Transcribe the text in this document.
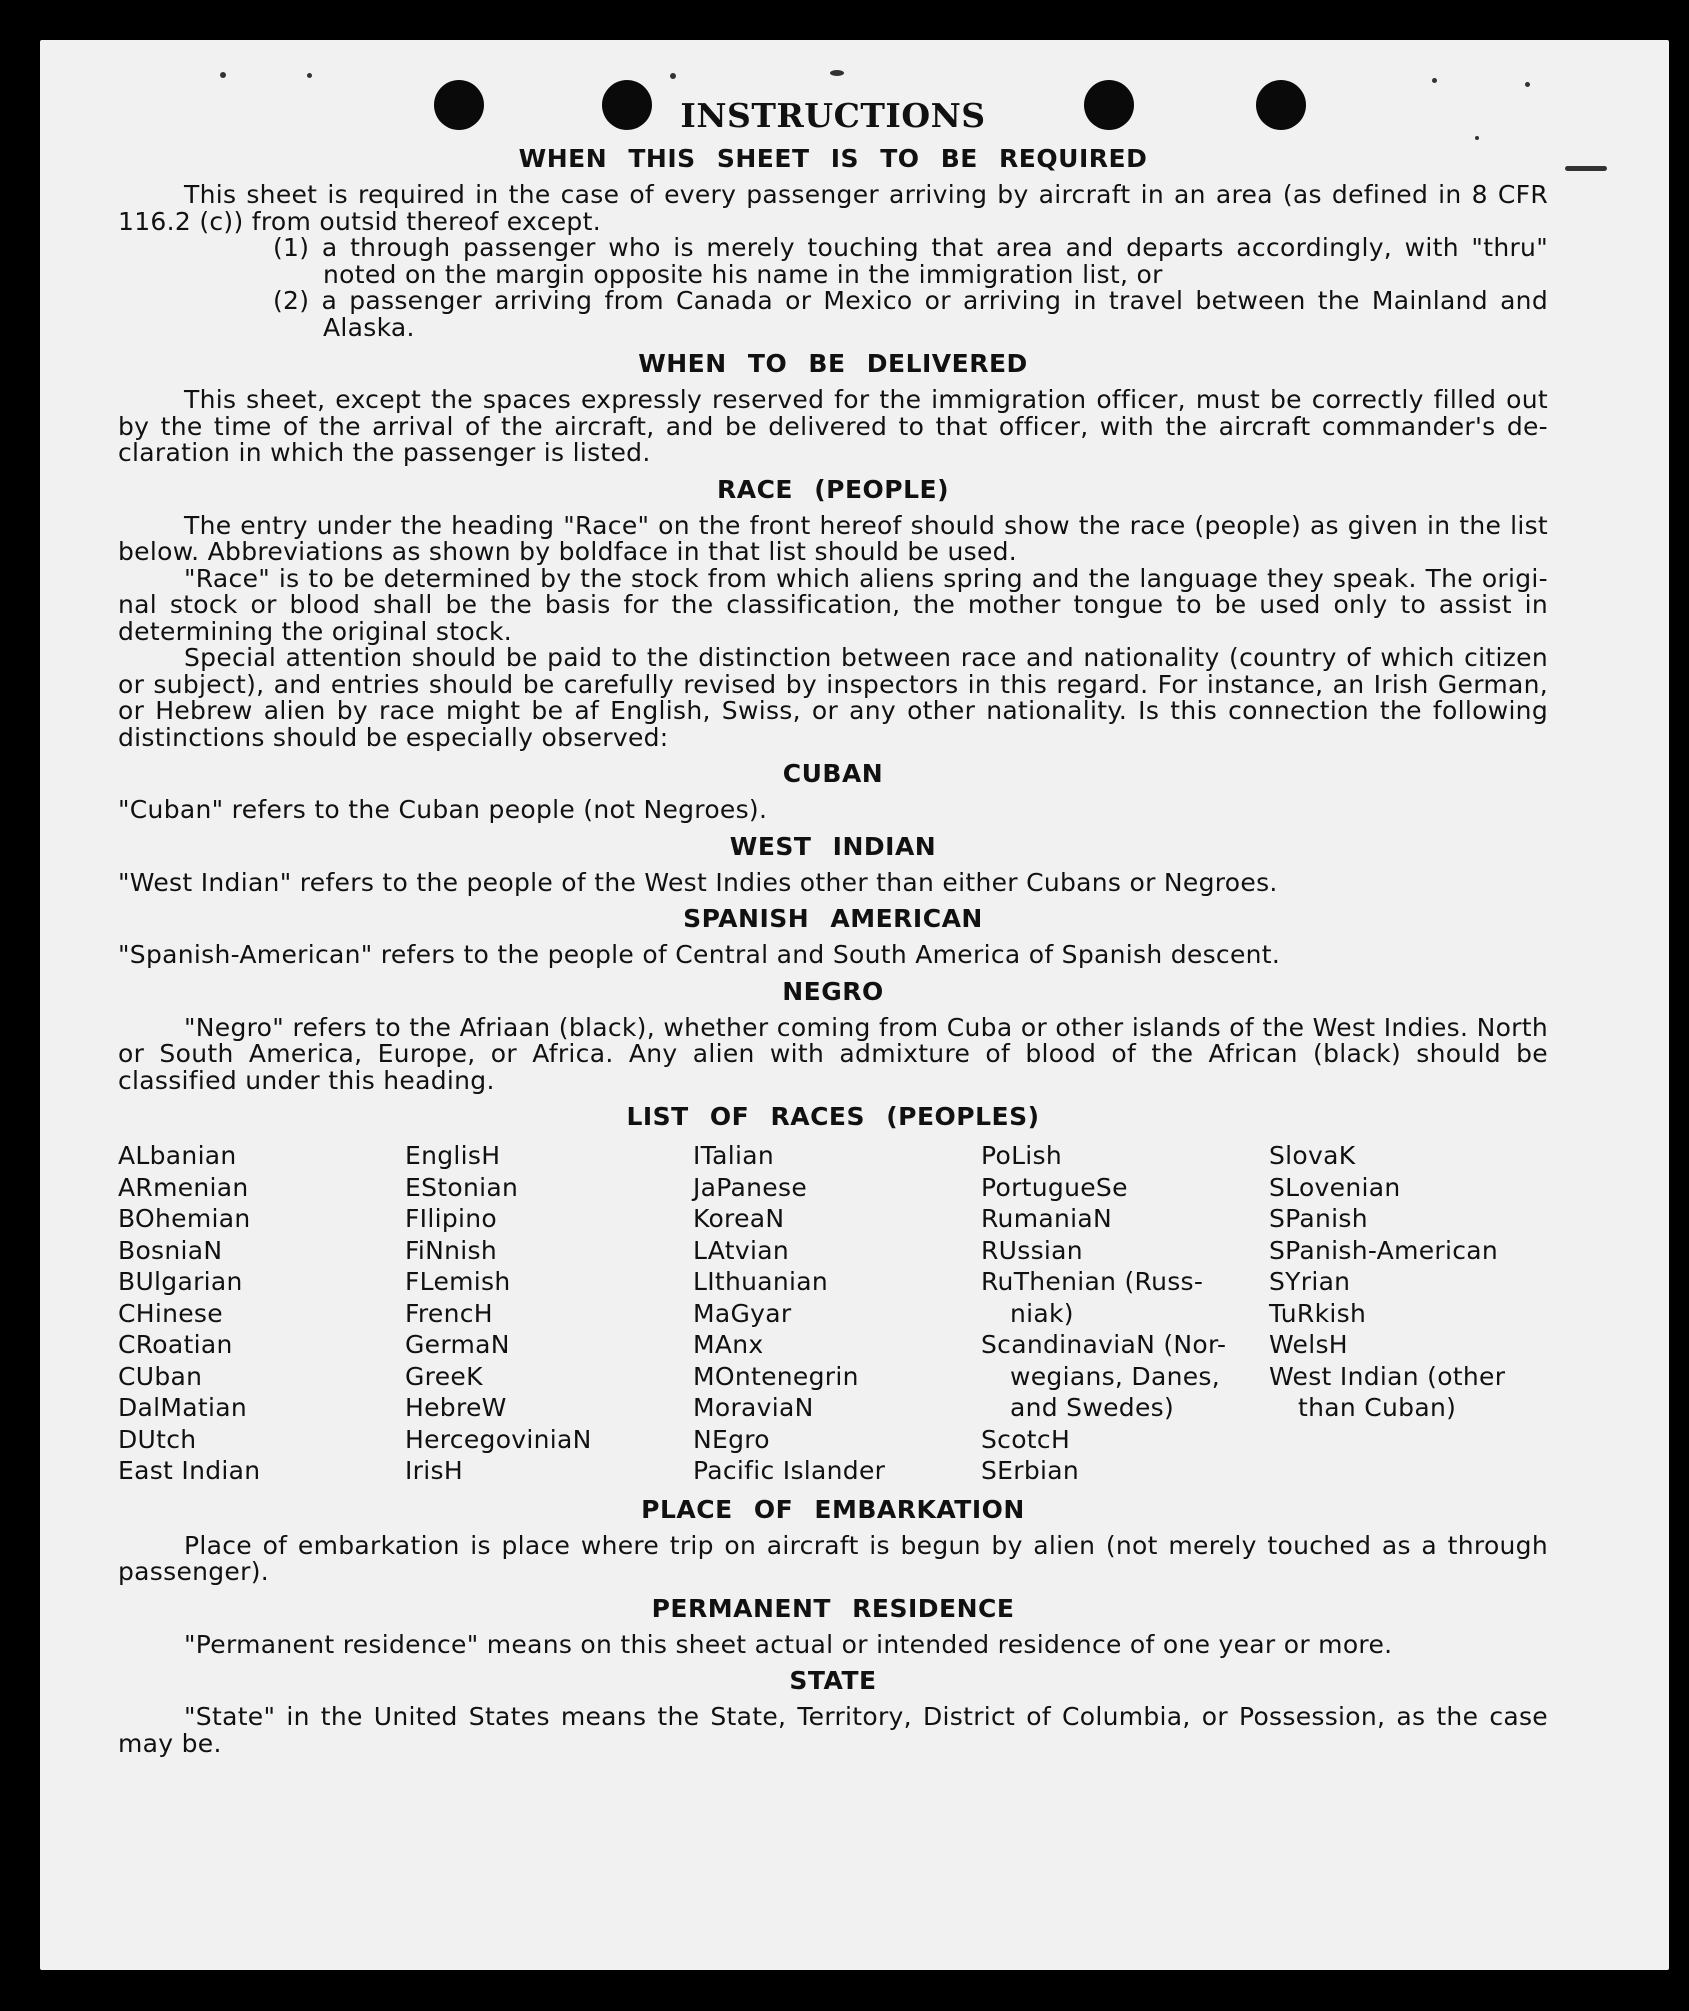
INSTRUCTIONS
WHEN THIS SHEET IS TO BE REQUIRED

This sheet is required in the case of every passenger arriving by aircraft in an area (as defined in 8 CFR 116.2 (c)) from outsid thereof except.

(1) a through passenger who is merely touching that area and departs accordingly, with "thru" noted on the margin opposite his name in the immigration list, or

(2) a passenger arriving from Canada or Mexico or arriving in travel between the Mainland and Alaska.

WHEN TO BE DELIVERED

This sheet, except the spaces expressly reserved for the immigration officer, must be correctly filled out by the time of the arrival of the aircraft, and be delivered to that officer, with the aircraft commander's de-claration in which the passenger is listed.

RACE (PEOPLE)

The entry under the heading "Race" on the front hereof should show the race (people) as given in the list below. Abbreviations as shown by boldface in that list should be used.

"Race" is to be determined by the stock from which aliens spring and the language they speak. The origi-nal stock or blood shall be the basis for the classification, the mother tongue to be used only to assist in determining the original stock.

Special attention should be paid to the distinction between race and nationality (country of which citizen or subject), and entries should be carefully revised by inspectors in this regard. For instance, an Irish German, or Hebrew alien by race might be af English, Swiss, or any other nationality. Is this connection the following distinctions should be especially observed:

CUBAN

"Cuban" refers to the Cuban people (not Negroes).

WEST INDIAN

"West Indian" refers to the people of the West Indies other than either Cubans or Negroes.

SPANISH AMERICAN

"Spanish-American" refers to the people of Central and South America of Spanish descent.

NEGRO

"Negro" refers to the Afriaan (black), whether coming from Cuba or other islands of the West Indies. North or South America, Europe, or Africa. Any alien with admixture of blood of the African (black) should be classified under this heading.

LIST OF RACES (PEOPLES)
ALbanian
ARmenian
BOhemian
BosniaN
BUlgarian
CHinese
CRoatian
CUban
DalMatian
DUtch
East Indian
EnglisH
EStonian
FIlipino
FiNnish
FLemish
FrencH
GermaN
GreeK
HebreW
HercegoviniaN
IrisH
ITalian
JaPanese
KoreaN
LAtvian
LIthuanian
MaGyar
MAnx
MOntenegrin
MoraviaN
NEgro
Pacific Islander
PoLish
PortugueSe
RumaniaN
RUssian
RuThenian (Russ-
niak)
ScandinaviaN (Nor-
wegians, Danes,
and Swedes)
ScotcH
SErbian
SlovaK
SLovenian
SPanish
SPanish-American
SYrian
TuRkish
WelsH
West Indian (other
than Cuban)
PLACE OF EMBARKATION

Place of embarkation is place where trip on aircraft is begun by alien (not merely touched as a through passenger).

PERMANENT RESIDENCE

"Permanent residence" means on this sheet actual or intended residence of one year or more.

STATE

"State" in the United States means the State, Territory, District of Columbia, or Possession, as the case may be.
